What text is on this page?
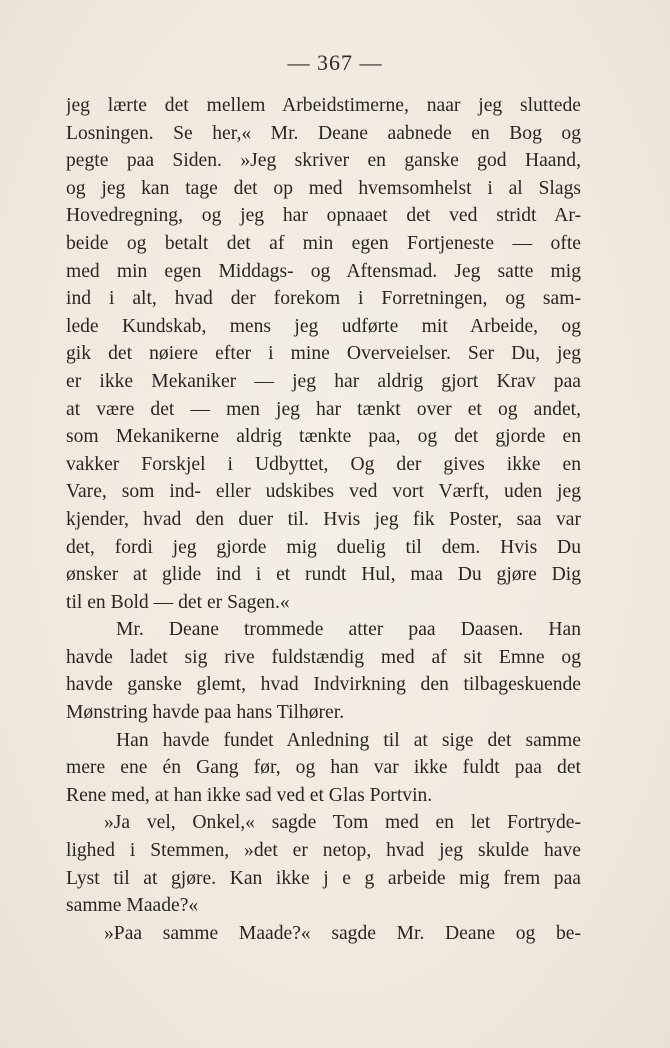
— 367 —
jeg lærte det mellem Arbeidstimerne, naar jeg sluttede
Losningen. Se her,« Mr. Deane aabnede en Bog og
pegte paa Siden. »Jeg skriver en ganske god Haand,
og jeg kan tage det op med hvemsomhelst i al Slags
Hovedregning, og jeg har opnaaet det ved stridt Ar-
beide og betalt det af min egen Fortjeneste — ofte
med min egen Middags- og Aftensmad. Jeg satte mig
ind i alt, hvad der forekom i Forretningen, og sam-
lede Kundskab, mens jeg udførte mit Arbeide, og
gik det nøiere efter i mine Overveielser. Ser Du, jeg
er ikke Mekaniker — jeg har aldrig gjort Krav paa
at være det — men jeg har tænkt over et og andet,
som Mekanikerne aldrig tænkte paa, og det gjorde en
vakker Forskjel i Udbyttet, Og der gives ikke en
Vare, som ind- eller udskibes ved vort Værft, uden jeg
kjender, hvad den duer til. Hvis jeg fik Poster, saa var
det, fordi jeg gjorde mig duelig til dem. Hvis Du
ønsker at glide ind i et rundt Hul, maa Du gjøre Dig
til en Bold — det er Sagen.«
Mr. Deane trommede atter paa Daasen. Han
havde ladet sig rive fuldstændig med af sit Emne og
havde ganske glemt, hvad Indvirkning den tilbageskuende
Mønstring havde paa hans Tilhører.
Han havde fundet Anledning til at sige det samme
mere ene én Gang før, og han var ikke fuldt paa det
Rene med, at han ikke sad ved et Glas Portvin.
»Ja vel, Onkel,« sagde Tom med en let Fortryde-
lighed i Stemmen, »det er netop, hvad jeg skulde have
Lyst til at gjøre. Kan ikke j e g arbeide mig frem paa
samme Maade?«
»Paa samme Maade?« sagde Mr. Deane og be-
